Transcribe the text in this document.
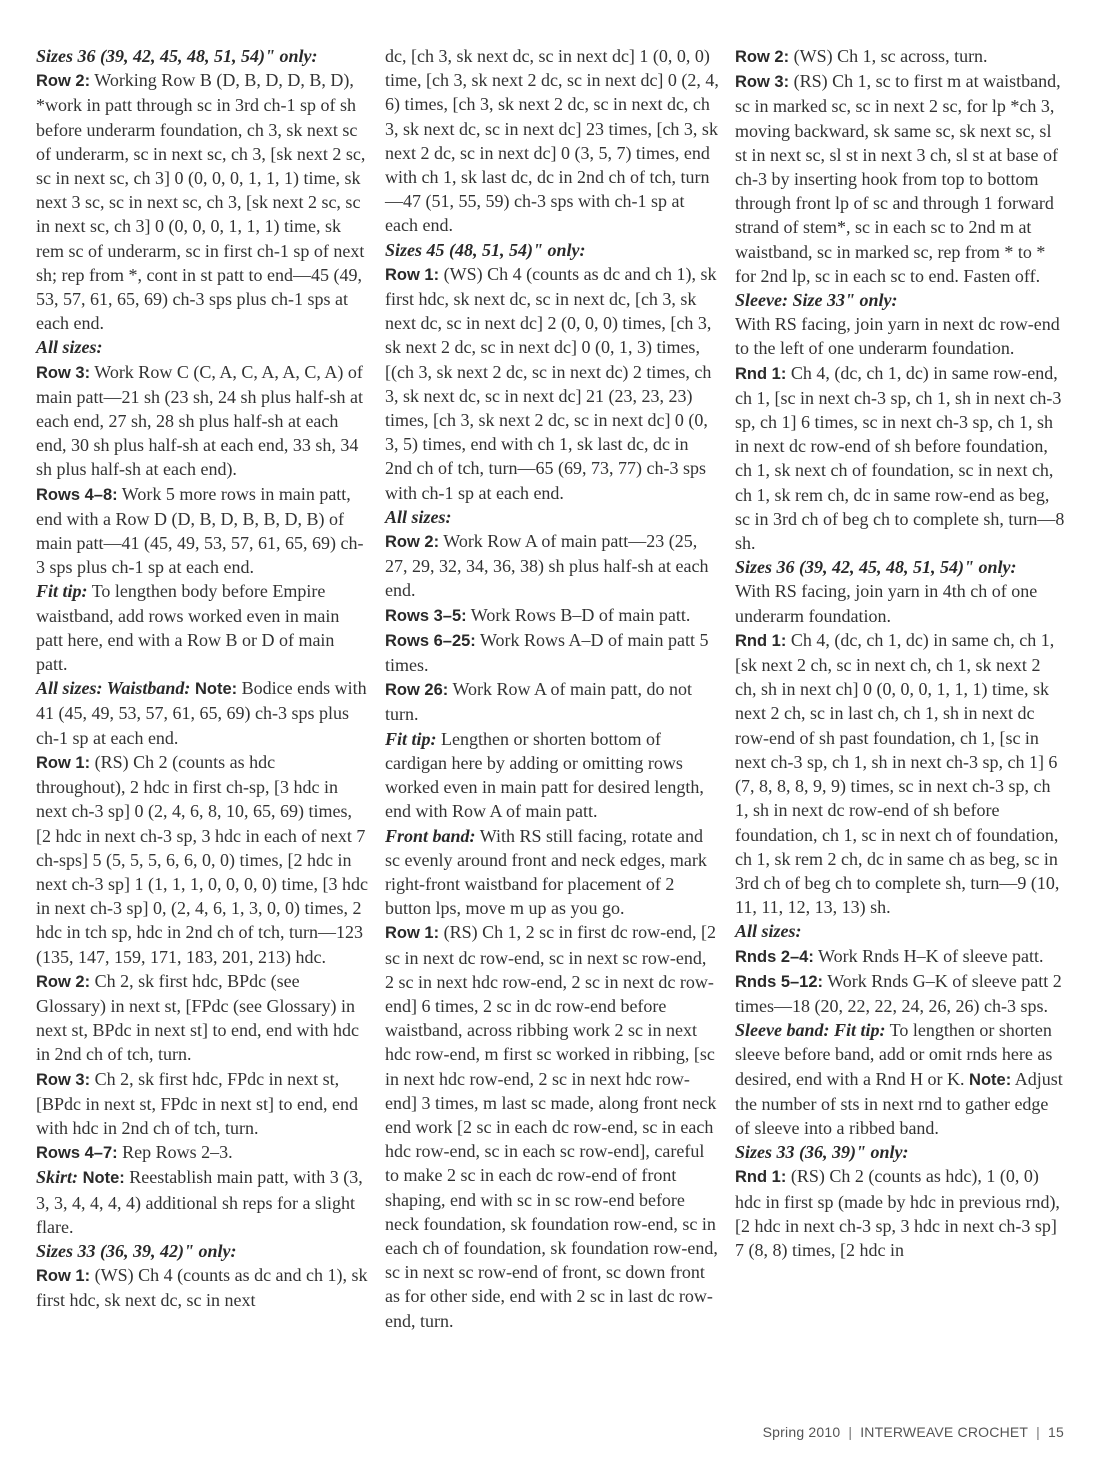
Sizes 36 (39, 42, 45, 48, 51, 54)" only:

Row 2: Working Row B (D, B, D, D, B, D), *work in patt through sc in 3rd ch-1 sp of sh before underarm foundation, ch 3, sk next sc of underarm, sc in next sc, ch 3, [sk next 2 sc, sc in next sc, ch 3] 0 (0, 0, 0, 1, 1, 1) time, sk next 3 sc, sc in next sc, ch 3, [sk next 2 sc, sc in next sc, ch 3] 0 (0, 0, 0, 1, 1, 1) time, sk rem sc of underarm, sc in first ch-1 sp of next sh; rep from *, cont in st patt to end—45 (49, 53, 57, 61, 65, 69) ch-3 sps plus ch-1 sps at each end.

All sizes:

Row 3: Work Row C (C, A, C, A, A, C, A) of main patt—21 sh (23 sh, 24 sh plus half-sh at each end, 27 sh, 28 sh plus half-sh at each end, 30 sh plus half-sh at each end, 33 sh, 34 sh plus half-sh at each end).

Rows 4–8: Work 5 more rows in main patt, end with a Row D (D, B, D, B, B, D, B) of main patt—41 (45, 49, 53, 57, 61, 65, 69) ch-3 sps plus ch-1 sp at each end.

Fit tip: To lengthen body before Empire waistband, add rows worked even in main patt here, end with a Row B or D of main patt.

All sizes: Waistband: Note: Bodice ends with 41 (45, 49, 53, 57, 61, 65, 69) ch-3 sps plus ch-1 sp at each end.

Row 1: (RS) Ch 2 (counts as hdc throughout), 2 hdc in first ch-sp, [3 hdc in next ch-3 sp] 0 (2, 4, 6, 8, 10, 65, 69) times, [2 hdc in next ch-3 sp, 3 hdc in each of next 7 ch-sps] 5 (5, 5, 5, 6, 6, 0, 0) times, [2 hdc in next ch-3 sp] 1 (1, 1, 1, 0, 0, 0, 0) time, [3 hdc in next ch-3 sp] 0, (2, 4, 6, 1, 3, 0, 0) times, 2 hdc in tch sp, hdc in 2nd ch of tch, turn—123 (135, 147, 159, 171, 183, 201, 213) hdc.

Row 2: Ch 2, sk first hdc, BPdc (see Glossary) in next st, [FPdc (see Glossary) in next st, BPdc in next st] to end, end with hdc in 2nd ch of tch, turn.

Row 3: Ch 2, sk first hdc, FPdc in next st, [BPdc in next st, FPdc in next st] to end, end with hdc in 2nd ch of tch, turn.

Rows 4–7: Rep Rows 2–3.

Skirt: Note: Reestablish main patt, with 3 (3, 3, 3, 4, 4, 4, 4) additional sh reps for a slight flare.

Sizes 33 (36, 39, 42)" only:

Row 1: (WS) Ch 4 (counts as dc and ch 1), sk first hdc, sk next dc, sc in next

dc, [ch 3, sk next dc, sc in next dc] 1 (0, 0, 0) time, [ch 3, sk next 2 dc, sc in next dc] 0 (2, 4, 6) times, [ch 3, sk next 2 dc, sc in next dc, ch 3, sk next dc, sc in next dc] 23 times, [ch 3, sk next 2 dc, sc in next dc] 0 (3, 5, 7) times, end with ch 1, sk last dc, dc in 2nd ch of tch, turn—47 (51, 55, 59) ch-3 sps with ch-1 sp at each end.

Sizes 45 (48, 51, 54)" only:

Row 1: (WS) Ch 4 (counts as dc and ch 1), sk first hdc, sk next dc, sc in next dc, [ch 3, sk next dc, sc in next dc] 2 (0, 0, 0) times, [ch 3, sk next 2 dc, sc in next dc] 0 (0, 1, 3) times, [(ch 3, sk next 2 dc, sc in next dc) 2 times, ch 3, sk next dc, sc in next dc] 21 (23, 23, 23) times, [ch 3, sk next 2 dc, sc in next dc] 0 (0, 3, 5) times, end with ch 1, sk last dc, dc in 2nd ch of tch, turn—65 (69, 73, 77) ch-3 sps with ch-1 sp at each end.

All sizes:

Row 2: Work Row A of main patt—23 (25, 27, 29, 32, 34, 36, 38) sh plus half-sh at each end.

Rows 3–5: Work Rows B–D of main patt.

Rows 6–25: Work Rows A–D of main patt 5 times.

Row 26: Work Row A of main patt, do not turn.

Fit tip: Lengthen or shorten bottom of cardigan here by adding or omitting rows worked even in main patt for desired length, end with Row A of main patt.

Front band: With RS still facing, rotate and sc evenly around front and neck edges, mark right-front waistband for placement of 2 button lps, move m up as you go.

Row 1: (RS) Ch 1, 2 sc in first dc row-end, [2 sc in next dc row-end, sc in next sc row-end, 2 sc in next hdc row-end, 2 sc in next dc row-end] 6 times, 2 sc in dc row-end before waistband, across ribbing work 2 sc in next hdc row-end, m first sc worked in ribbing, [sc in next hdc row-end, 2 sc in next hdc row-end] 3 times, m last sc made, along front neck end work [2 sc in each dc row-end, sc in each hdc row-end, sc in each sc row-end], careful to make 2 sc in each dc row-end of front shaping, end with sc in sc row-end before neck foundation, sk foundation row-end, sc in each ch of foundation, sk foundation row-end, sc in next sc row-end of front, sc down front as for other side, end with 2 sc in last dc row-end, turn.

Row 2: (WS) Ch 1, sc across, turn.

Row 3: (RS) Ch 1, sc to first m at waistband, sc in marked sc, sc in next 2 sc, for lp *ch 3, moving backward, sk same sc, sk next sc, sl st in next sc, sl st in next 3 ch, sl st at base of ch-3 by inserting hook from top to bottom through front lp of sc and through 1 forward strand of stem*, sc in each sc to 2nd m at waistband, sc in marked sc, rep from * to * for 2nd lp, sc in each sc to end. Fasten off.

Sleeve: Size 33" only:

With RS facing, join yarn in next dc row-end to the left of one underarm foundation.

Rnd 1: Ch 4, (dc, ch 1, dc) in same row-end, ch 1, [sc in next ch-3 sp, ch 1, sh in next ch-3 sp, ch 1] 6 times, sc in next ch-3 sp, ch 1, sh in next dc row-end of sh before foundation, ch 1, sk next ch of foundation, sc in next ch, ch 1, sk rem ch, dc in same row-end as beg, sc in 3rd ch of beg ch to complete sh, turn—8 sh.

Sizes 36 (39, 42, 45, 48, 51, 54)" only:

With RS facing, join yarn in 4th ch of one underarm foundation.

Rnd 1: Ch 4, (dc, ch 1, dc) in same ch, ch 1, [sk next 2 ch, sc in next ch, ch 1, sk next 2 ch, sh in next ch] 0 (0, 0, 0, 1, 1, 1) time, sk next 2 ch, sc in last ch, ch 1, sh in next dc row-end of sh past foundation, ch 1, [sc in next ch-3 sp, ch 1, sh in next ch-3 sp, ch 1] 6 (7, 8, 8, 8, 9, 9) times, sc in next ch-3 sp, ch 1, sh in next dc row-end of sh before foundation, ch 1, sc in next ch of foundation, ch 1, sk rem 2 ch, dc in same ch as beg, sc in 3rd ch of beg ch to complete sh, turn—9 (10, 11, 11, 12, 13, 13) sh.

All sizes:

Rnds 2–4: Work Rnds H–K of sleeve patt.

Rnds 5–12: Work Rnds G–K of sleeve patt 2 times—18 (20, 22, 22, 24, 26, 26) ch-3 sps.

Sleeve band: Fit tip: To lengthen or shorten sleeve before band, add or omit rnds here as desired, end with a Rnd H or K. Note: Adjust the number of sts in next rnd to gather edge of sleeve into a ribbed band.

Sizes 33 (36, 39)" only:

Rnd 1: (RS) Ch 2 (counts as hdc), 1 (0, 0) hdc in first sp (made by hdc in previous rnd), [2 hdc in next ch-3 sp, 3 hdc in next ch-3 sp] 7 (8, 8) times, [2 hdc in

Spring 2010 | INTERWEAVE CROCHET | 15
